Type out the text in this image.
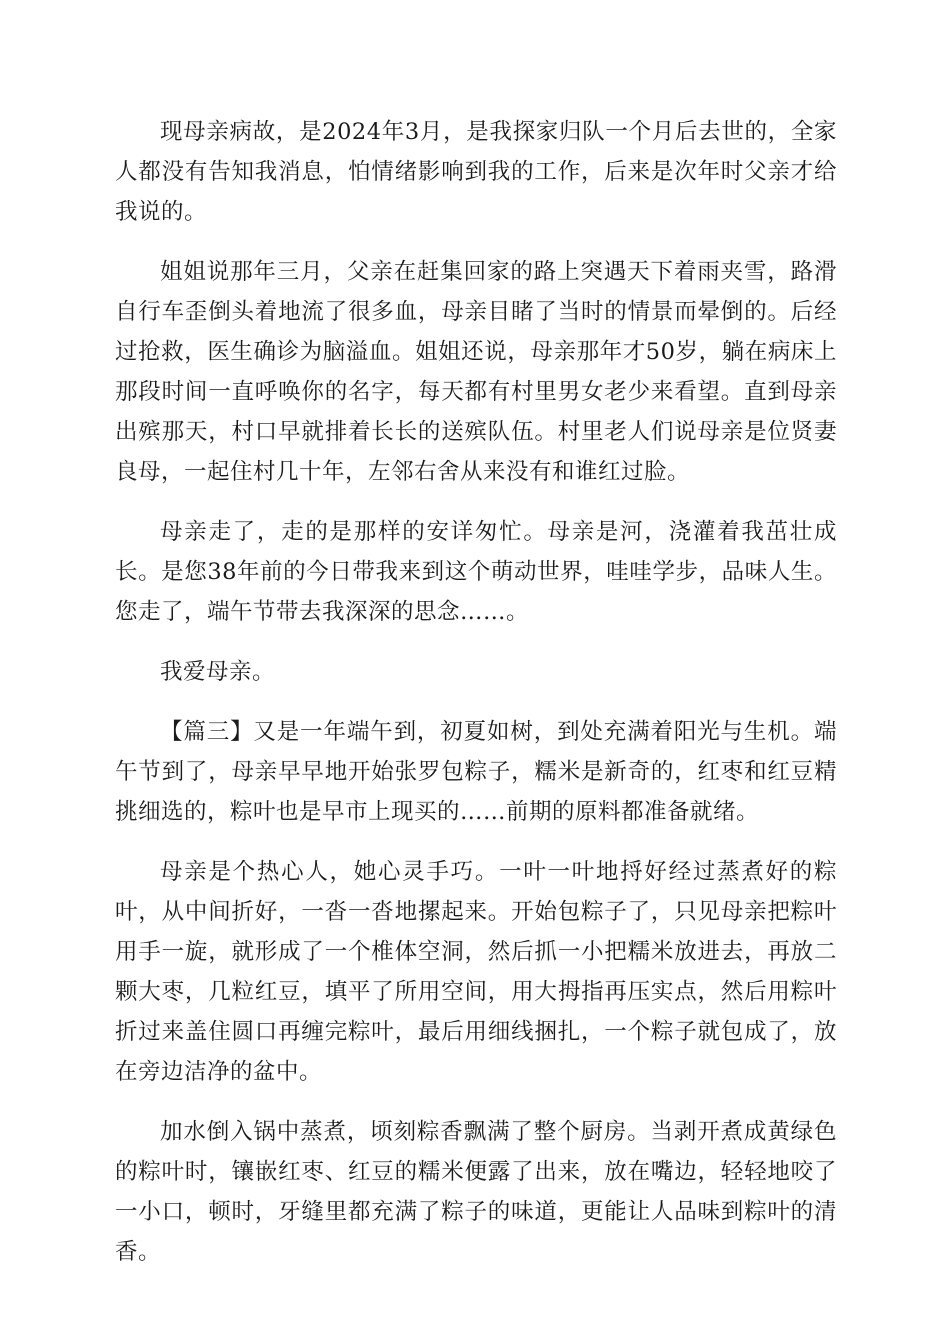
现母亲病故，是2024年3月，是我探家归队一个月后去世的，全家人都没有告知我消息，怕情绪影响到我的工作，后来是次年时父亲才给我说的。

姐姐说那年三月，父亲在赶集回家的路上突遇天下着雨夹雪，路滑自行车歪倒头着地流了很多血，母亲目睹了当时的情景而晕倒的。后经过抢救，医生确诊为脑溢血。姐姐还说，母亲那年才50岁，躺在病床上那段时间一直呼唤你的名字，每天都有村里男女老少来看望。直到母亲出殡那天，村口早就排着长长的送殡队伍。村里老人们说母亲是位贤妻良母，一起住村几十年，左邻右舍从来没有和谁红过脸。

母亲走了，走的是那样的安详匆忙。母亲是河，浇灌着我茁壮成长。是您38年前的今日带我来到这个萌动世界，哇哇学步，品味人生。您走了，端午节带去我深深的思念……。

我爱母亲。

【篇三】又是一年端午到，初夏如树，到处充满着阳光与生机。端午节到了，母亲早早地开始张罗包粽子，糯米是新奇的，红枣和红豆精挑细选的，粽叶也是早市上现买的……前期的原料都准备就绪。

母亲是个热心人，她心灵手巧。一叶一叶地捋好经过蒸煮好的粽叶，从中间折好，一沓一沓地摞起来。开始包粽子了，只见母亲把粽叶用手一旋，就形成了一个椎体空洞，然后抓一小把糯米放进去，再放二颗大枣，几粒红豆，填平了所用空间，用大拇指再压实点，然后用粽叶折过来盖住圆口再缠完粽叶，最后用细线捆扎，一个粽子就包成了，放在旁边洁净的盆中。

加水倒入锅中蒸煮，顷刻粽香飘满了整个厨房。当剥开煮成黄绿色的粽叶时，镶嵌红枣、红豆的糯米便露了出来，放在嘴边，轻轻地咬了一小口，顿时，牙缝里都充满了粽子的味道，更能让人品味到粽叶的清香。
